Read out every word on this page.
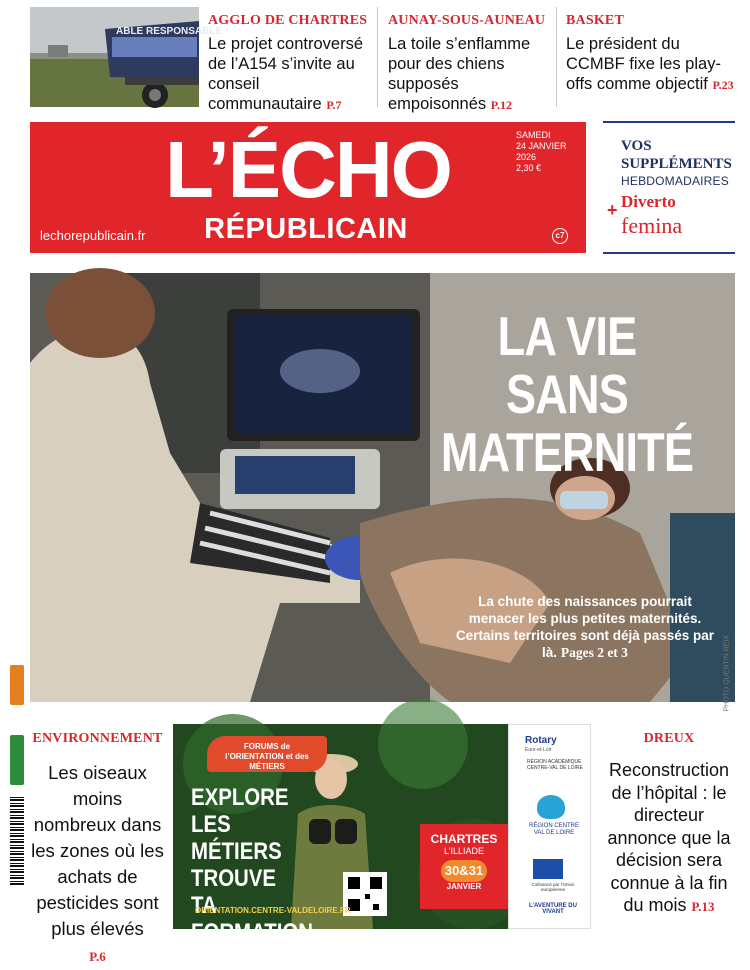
ABLE RESPONSABLE
AGGLO DE CHARTRES
Le projet controversé de l’A154 s’invite au conseil communautaire P.7
AUNAY-SOUS-AUNEAU
La toile s’enflamme pour des chiens supposés empoisonnés P.12
BASKET
Le président du CCMBF fixe les play-offs comme objectif P.23
L’ÉCHO
RÉPUBLICAIN
lechorepublicain.fr
SAMEDI
24 JANVIER 2026
2,30 €
c7
VOS
SUPPLÉMENTS
HEBDOMADAIRES
+ Diverto
femina
LA VIE SANS
MATERNITÉ
La chute des naissances pourrait menacer les plus petites maternités. Certains territoires sont déjà passés par là. Pages 2 et 3	PHOTO QUENTIN REIX
ENVIRONNEMENT
Les oiseaux moins nombreux dans les zones où les achats de pesticides sont plus élevés
P.6
FORUMS de
l’ORIENTATION et des MÉTIERS
EXPLORE
LES MÉTIERS
TROUVE
TA FORMATION
ORIENTATION.CENTRE-VALDELOIRE.FR
CHARTRES
L’ILLIADE
30&31
JANVIER
Rotary
Eure-et-Loir
RÉGION ACADÉMIQUE CENTRE-VAL DE LOIRE
RÉGION CENTRE VAL DE LOIRE
Cofinancé par l’Union européenne
L’AVENTURE DU VIVANT
DREUX
Reconstruction de l’hôpital : le directeur annonce que la décision sera connue à la fin du mois P.13
